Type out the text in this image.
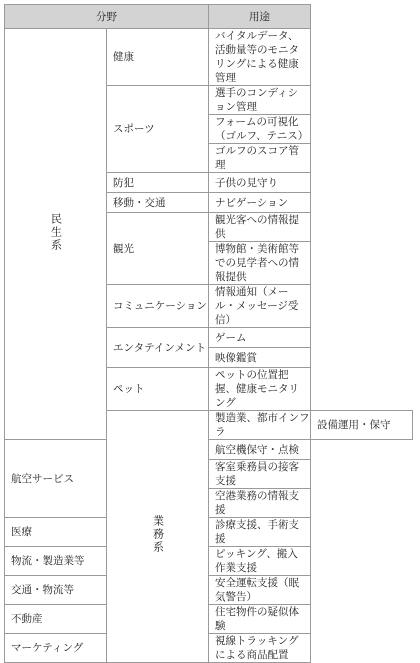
分野		用途	
民生系	健康	バイタルデータ、活動量等のモニタリングによる健康管理	
	スポーツ	選手のコンディション管理	
		フォームの可視化（ゴルフ、テニス）	
		ゴルフのスコア管理	
	防犯	子供の見守り	
	移動・交通	ナビゲーション	
	観光	観光客への情報提供	
		博物館・美術館等での見学者への情報提供	
	コミュニケーション	情報通知（メール・メッセージ受信）	
	エンタテインメント	ゲーム	
		映像鑑賞	
	ペット	ペットの位置把握、健康モニタリング	
	業務系	製造業、都市インフラ	設備運用・保守
航空サービス		航空機保守・点検	
		客室乗務員の接客支援	
		空港業務の情報支援	
医療		診療支援、手術支援	
物流・製造業等		ピッキング、搬入作業支援	
交通・物流等		安全運転支援（眠気警告）	
不動産		住宅物件の疑似体験	
マーケティング		視線トラッキングによる商品配置	
